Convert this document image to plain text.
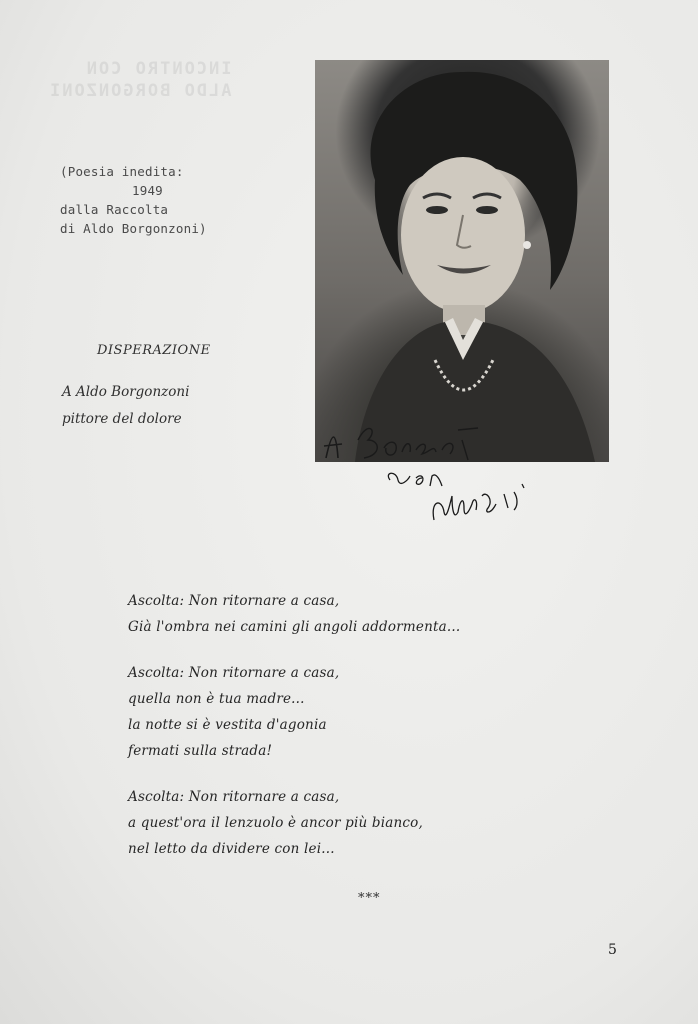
INCONTRO CON
ALDO BORGONZONI
(Poesia inedita:
1949
dalla Raccolta
di Aldo Borgonzoni)
DISPERAZIONE
A Aldo Borgonzoni
pittore del dolore
Ascolta: Non ritornare a casa,
Già l'ombra nei camini gli angoli addormenta...
Ascolta: Non ritornare a casa,
quella non è tua madre...
la notte si è vestita d'agonia
fermati sulla strada!
Ascolta: Non ritornare a casa,
a quest'ora il lenzuolo è ancor più bianco,
nel letto da dividere con lei...
***
5
